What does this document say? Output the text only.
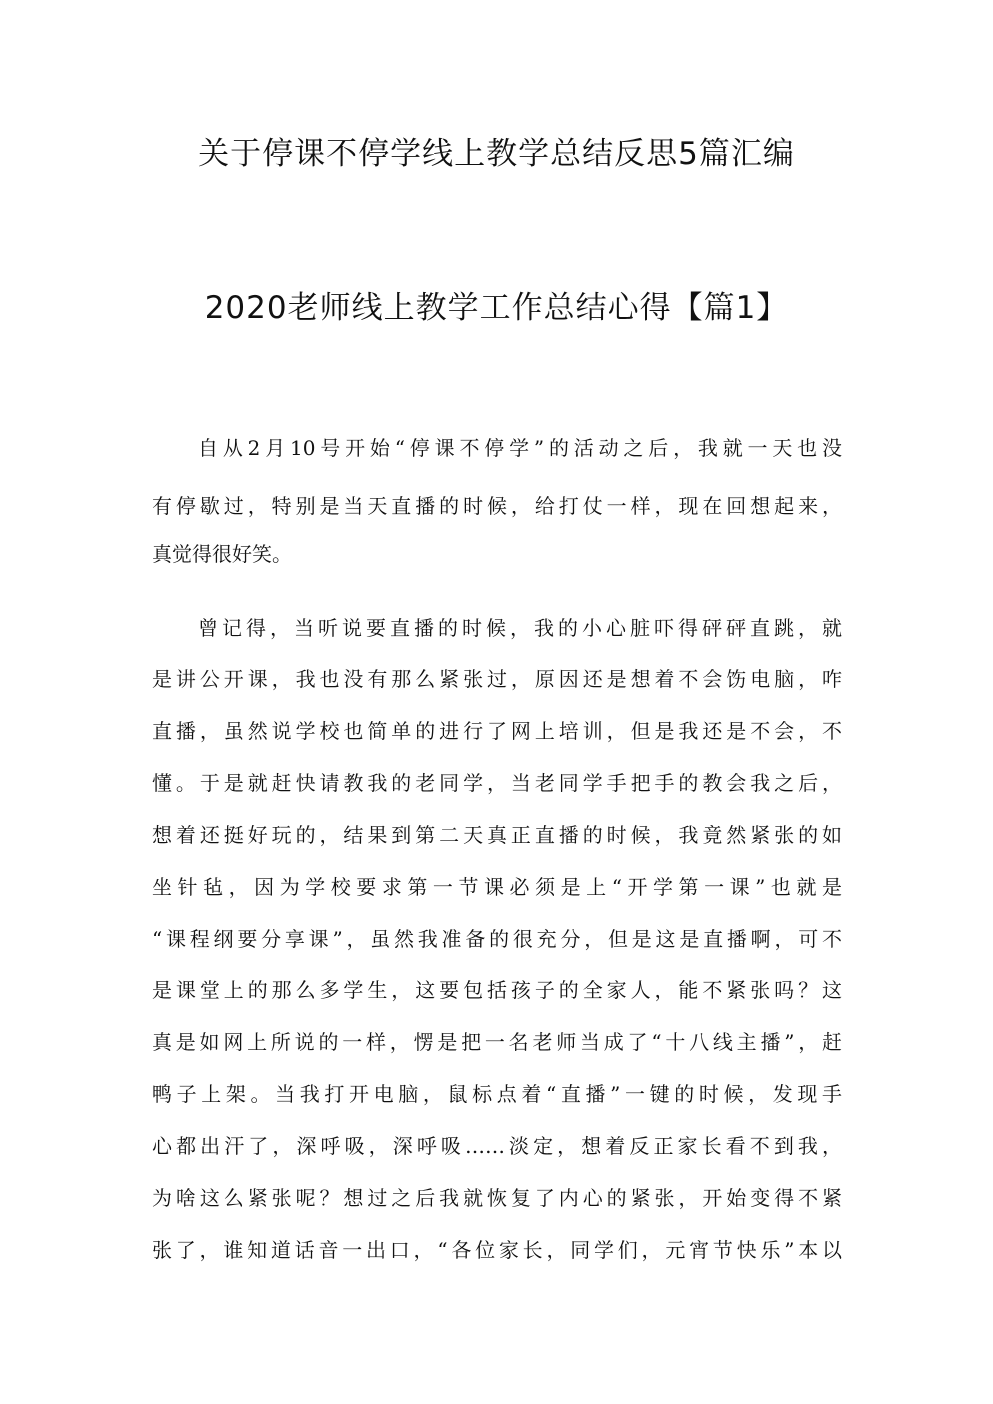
关于停课不停学线上教学总结反思5篇汇编
2020老师线上教学工作总结心得【篇1】
自从2月10号开始“停课不停学”的活动之后，我就一天也没
有停歇过，特别是当天直播的时候，给打仗一样，现在回想起来，
真觉得很好笑。
曾记得，当听说要直播的时候，我的小心脏吓得砰砰直跳，就
是讲公开课，我也没有那么紧张过，原因还是想着不会饬电脑，咋
直播，虽然说学校也简单的进行了网上培训，但是我还是不会，不
懂。于是就赶快请教我的老同学，当老同学手把手的教会我之后，
想着还挺好玩的，结果到第二天真正直播的时候，我竟然紧张的如
坐针毡，因为学校要求第一节课必须是上“开学第一课”也就是
“课程纲要分享课”，虽然我准备的很充分，但是这是直播啊，可不
是课堂上的那么多学生，这要包括孩子的全家人，能不紧张吗？这
真是如网上所说的一样，愣是把一名老师当成了“十八线主播”，赶
鸭子上架。当我打开电脑，鼠标点着“直播”一键的时候，发现手
心都出汗了，深呼吸，深呼吸……淡定，想着反正家长看不到我，
为啥这么紧张呢？想过之后我就恢复了内心的紧张，开始变得不紧
张了，谁知道话音一出口，“各位家长，同学们，元宵节快乐”本以
